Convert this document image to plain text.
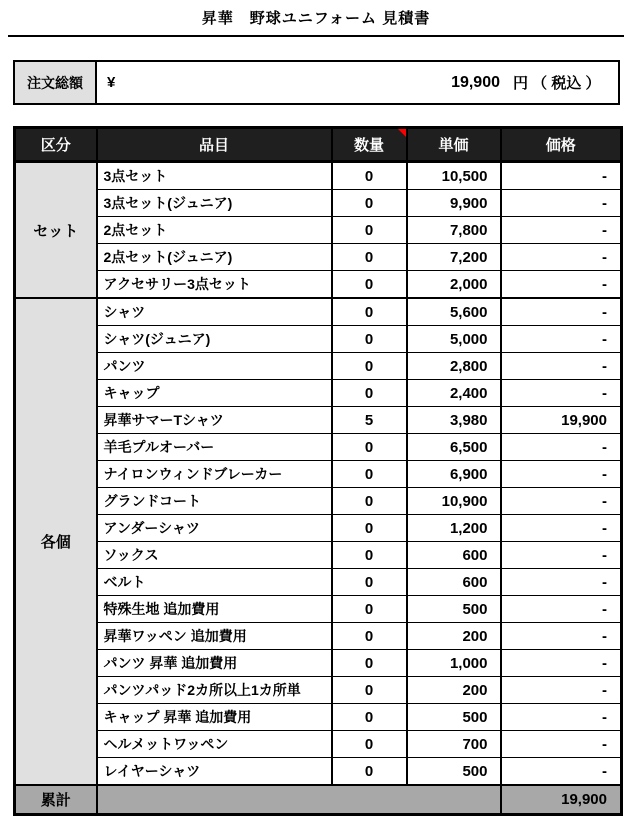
昇華　野球ユニフォーム 見積書
注文総額	¥	19,900 円 （ 税込 ）
区分	品目	数量	単価	価格
セット	3点セット	0	10,500	-
	3点セット(ジュニア)	0	9,900	-
	2点セット	0	7,800	-
	2点セット(ジュニア)	0	7,200	-
	アクセサリー3点セット	0	2,000	-
各個	シャツ	0	5,600	-
	シャツ(ジュニア)	0	5,000	-
	パンツ	0	2,800	-
	キャップ	0	2,400	-
	昇華サマーTシャツ	5	3,980	19,900
	羊毛プルオーバー	0	6,500	-
	ナイロンウィンドブレーカー	0	6,900	-
	グランドコート	0	10,900	-
	アンダーシャツ	0	1,200	-
	ソックス	0	600	-
	ベルト	0	600	-
	特殊生地 追加費用	0	500	-
	昇華ワッペン 追加費用	0	200	-
	パンツ 昇華 追加費用	0	1,000	-
	パンツパッド2カ所以上1カ所単	0	200	-
	キャップ 昇華 追加費用	0	500	-
	ヘルメットワッペン	0	700	-
	レイヤーシャツ	0	500	-
累計				19,900
